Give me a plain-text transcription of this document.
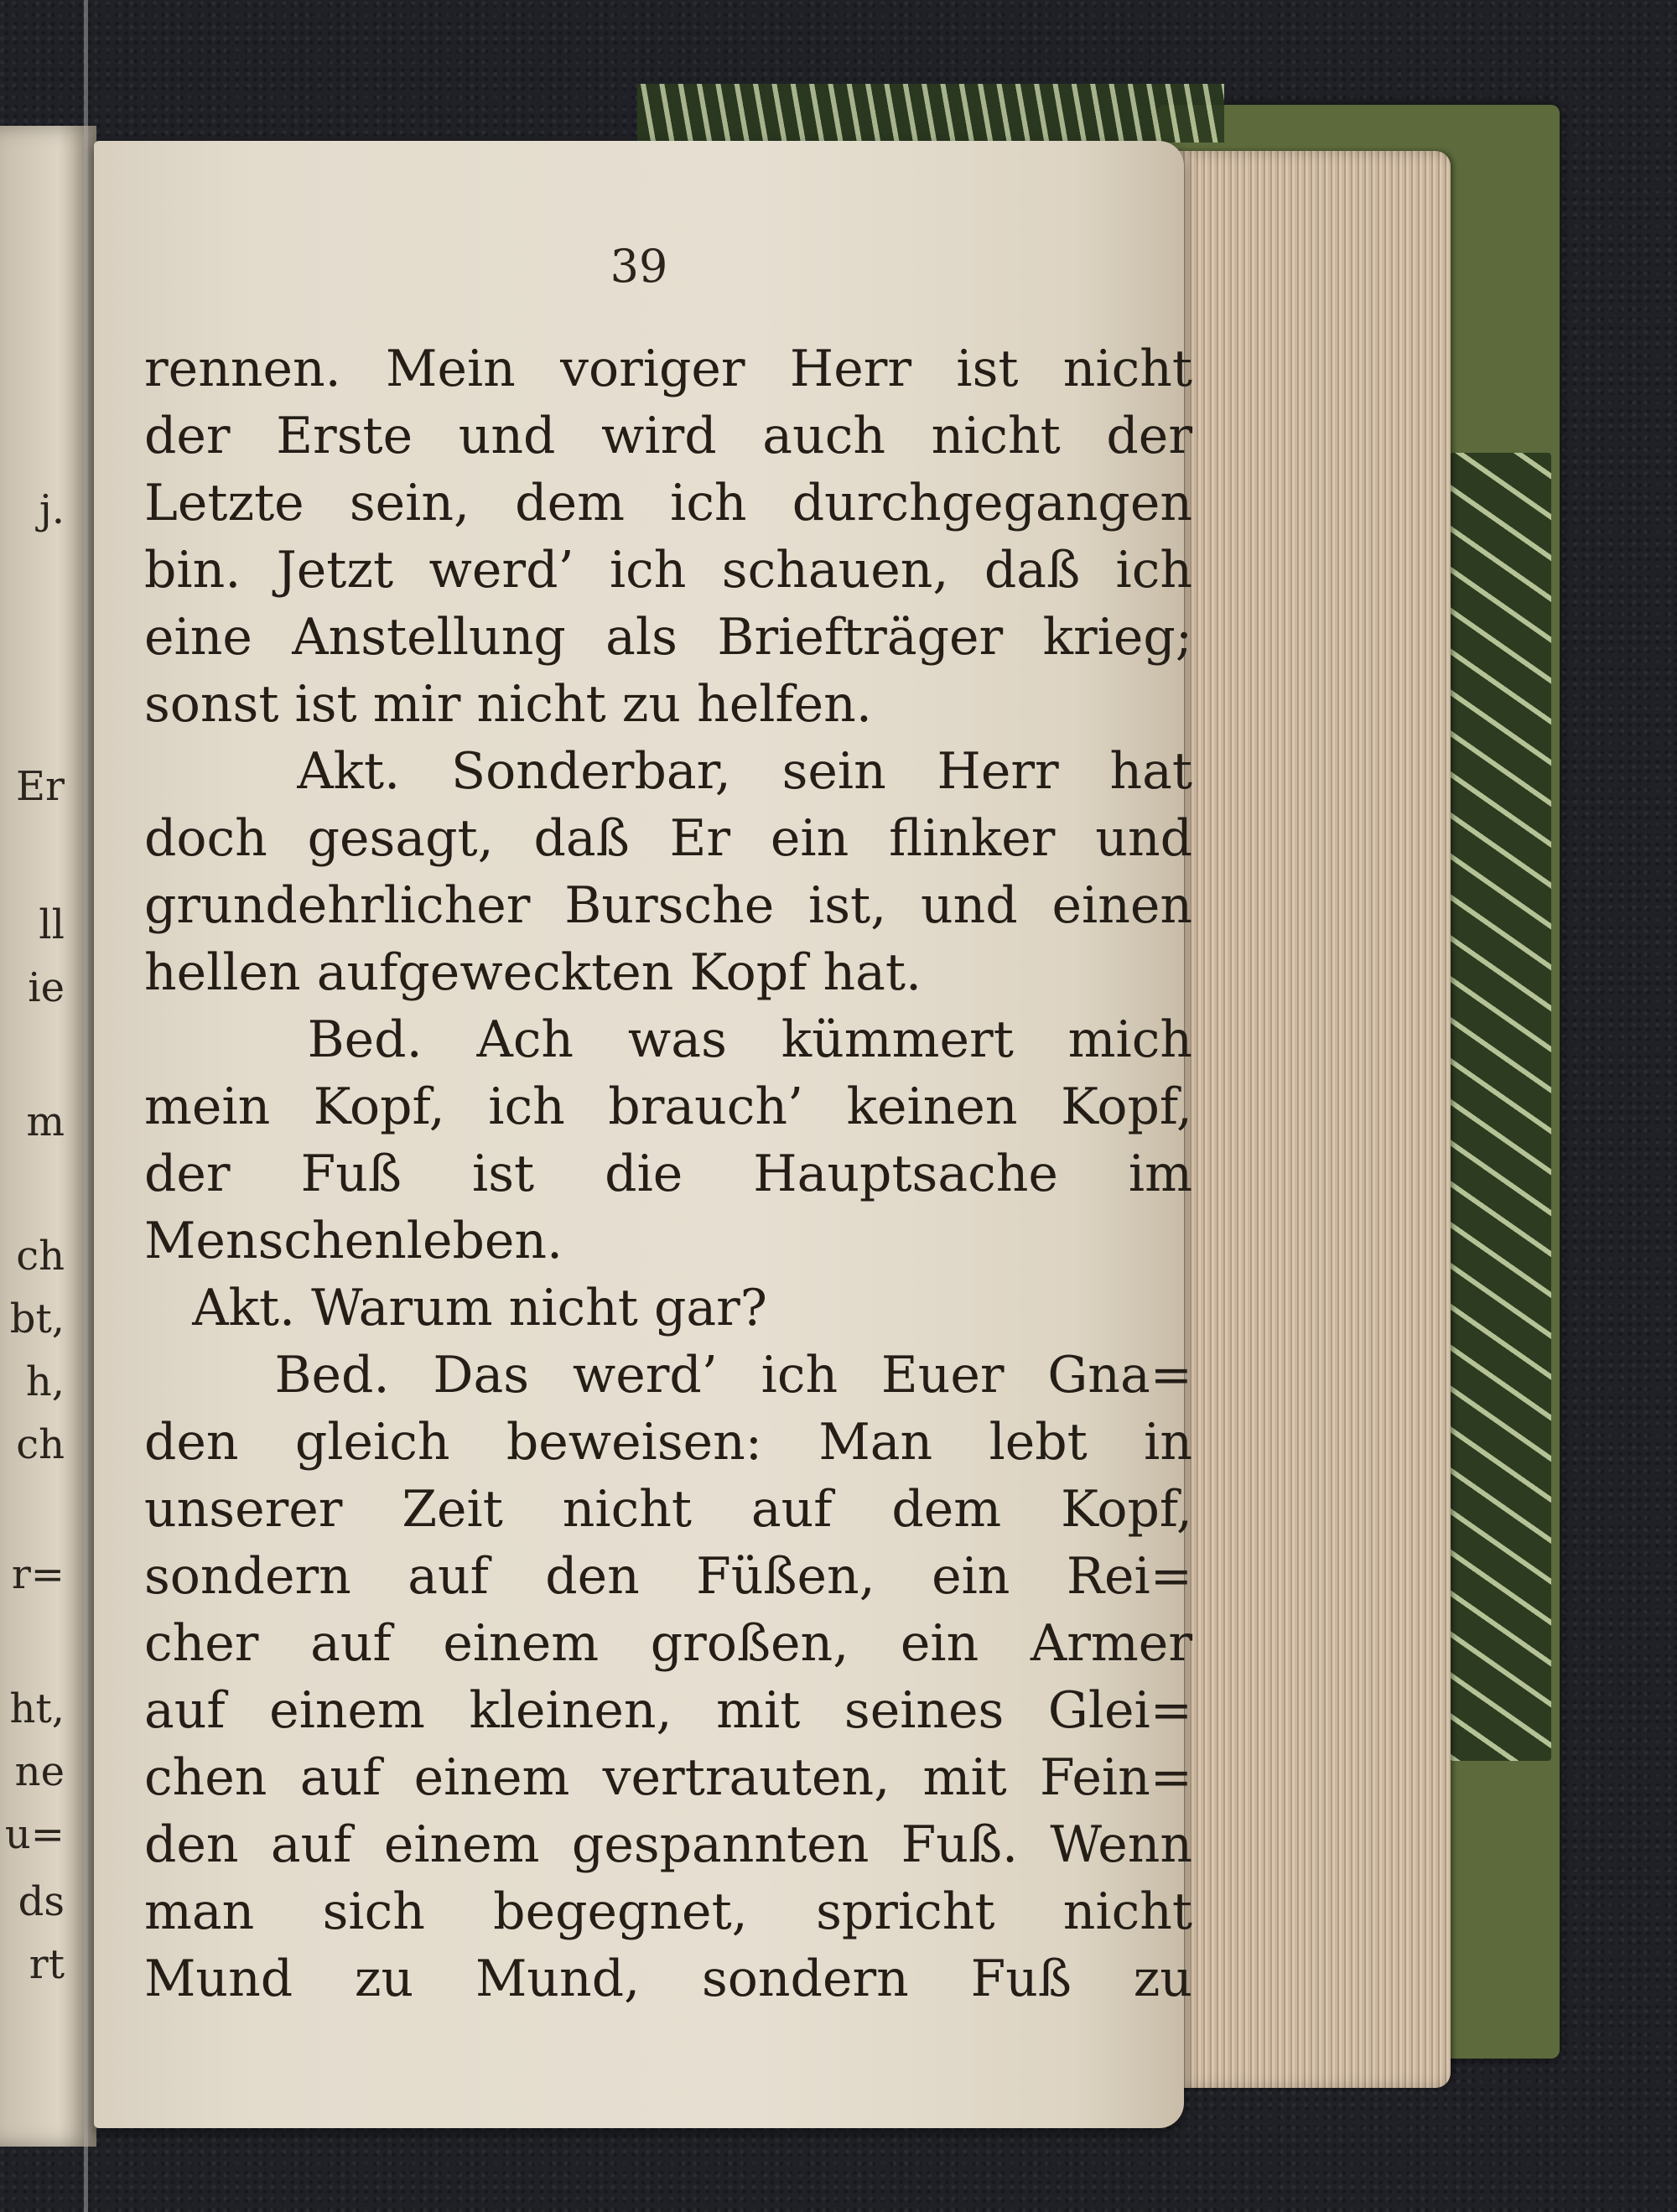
j.
Er
ll
ie
m
ch
bt,
h,
ch
r=
ht,
ne
u=
ds
rt
39
rennen. Mein voriger Herr ist nicht
der Erste und wird auch nicht der
Letzte sein, dem ich durchgegangen
bin. Jetzt werd’ ich schauen, daß ich
eine Anstellung als Briefträger krieg;
sonst ist mir nicht zu helfen.
Akt. Sonderbar, sein Herr hat
doch gesagt, daß Er ein flinker und
grundehrlicher Bursche ist, und einen
hellen aufgeweckten Kopf hat.
Bed. Ach was kümmert mich
mein Kopf, ich brauch’ keinen Kopf,
der Fuß ist die Hauptsache im
Menschenleben.
Akt. Warum nicht gar?
Bed. Das werd’ ich Euer Gna=
den gleich beweisen: Man lebt in
unserer Zeit nicht auf dem Kopf,
sondern auf den Füßen, ein Rei=
cher auf einem großen, ein Armer
auf einem kleinen, mit seines Glei=
chen auf einem vertrauten, mit Fein=
den auf einem gespannten Fuß. Wenn
man sich begegnet, spricht nicht
Mund zu Mund, sondern Fuß zu
